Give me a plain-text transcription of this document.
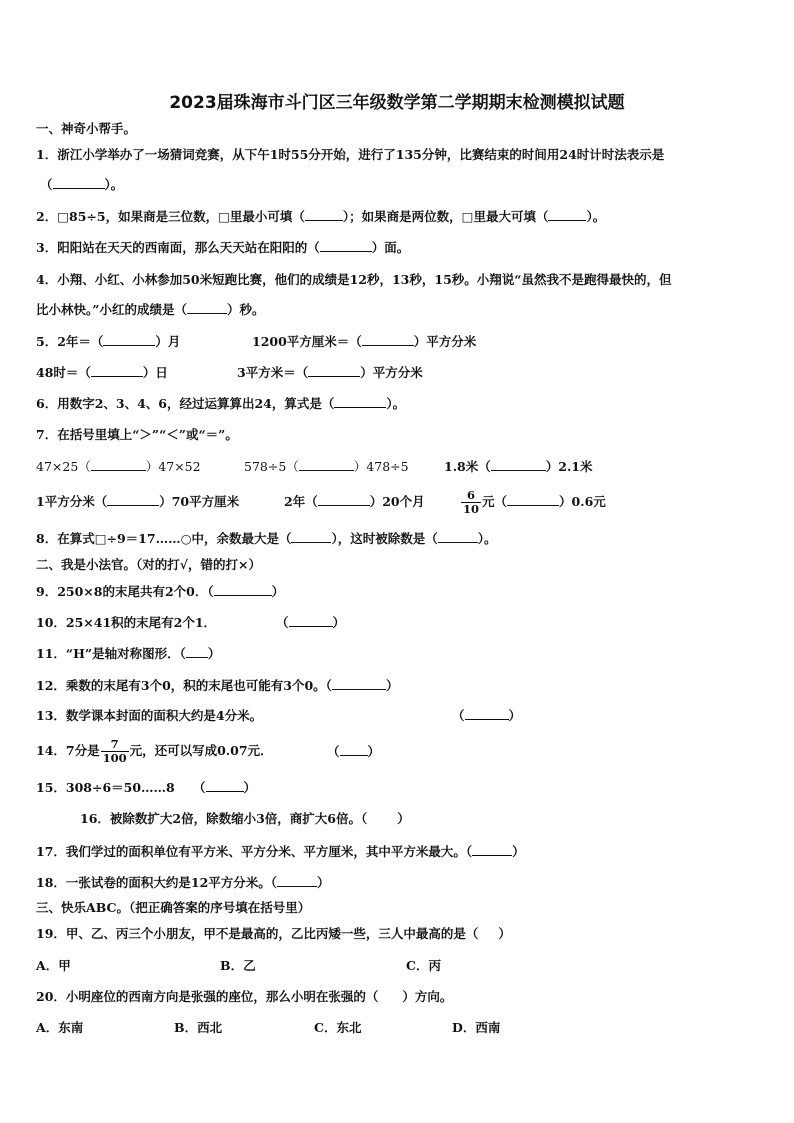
2023届珠海市斗门区三年级数学第二学期期末检测模拟试题
一、神奇小帮手。
1．浙江小学举办了一场猜词竞赛，从下午1时55分开始，进行了135分钟，比赛结束的时间用24时计时法表示是
（	）。
2．□85÷5，如果商是三位数，□里最小可填（	）；如果商是两位数，□里最大可填（	）。
3．阳阳站在天天的西南面，那么天天站在阳阳的（	）面。
4．小翔、小红、小林参加50米短跑比赛，他们的成绩是12秒，13秒，15秒。小翔说“虽然我不是跑得最快的，但
比小林快。”小红的成绩是（	）秒。
5．2年＝（	）月	1200平方厘米＝（	）平方分米
48时＝（	）日	3平方米＝（	）平方分米
6．用数字2、3、4、6，经过运算算出24，算式是（	）。
7．在括号里填上“＞”“＜”或“＝”。
47×25（	）47×52	578÷5（	）478÷5	1.8米（	）2.1米
1平方分米（	）70平方厘米	2年（	）20个月	$\frac{6}{10}$ 元（	）0.6元
8．在算式□÷9＝17……○中，余数最大是（	），这时被除数是（	）。
二、我是小法官。（对的打√，错的打×）
9．250×8的末尾共有2个0．（	）
10．25×41积的末尾有2个1．	（	）
11．“H”是轴对称图形．（ ）
12．乘数的末尾有3个0，积的末尾也可能有3个0。（	）
13．数学课本封面的面积大约是4分米。	（	）
14．7分是 $\frac{7}{100}$ 元，还可以写成0.07元．	（ ）
15．308÷6＝50……8 （	）
16．被除数扩大2倍，除数缩小3倍，商扩大6倍。（ ）
17．我们学过的面积单位有平方米、平方分米、平方厘米，其中平方米最大。（	）
18．一张试卷的面积大约是12平方分米。（	）
三、快乐ABC。（把正确答案的序号填在括号里）
19．甲、乙、丙三个小朋友，甲不是最高的，乙比丙矮一些，三人中最高的是（ ）
A．甲	B．乙	C．丙
20．小明座位的西南方向是张强的座位，那么小明在张强的（ ）方向。
A．东南	B．西北	C．东北	D．西南
